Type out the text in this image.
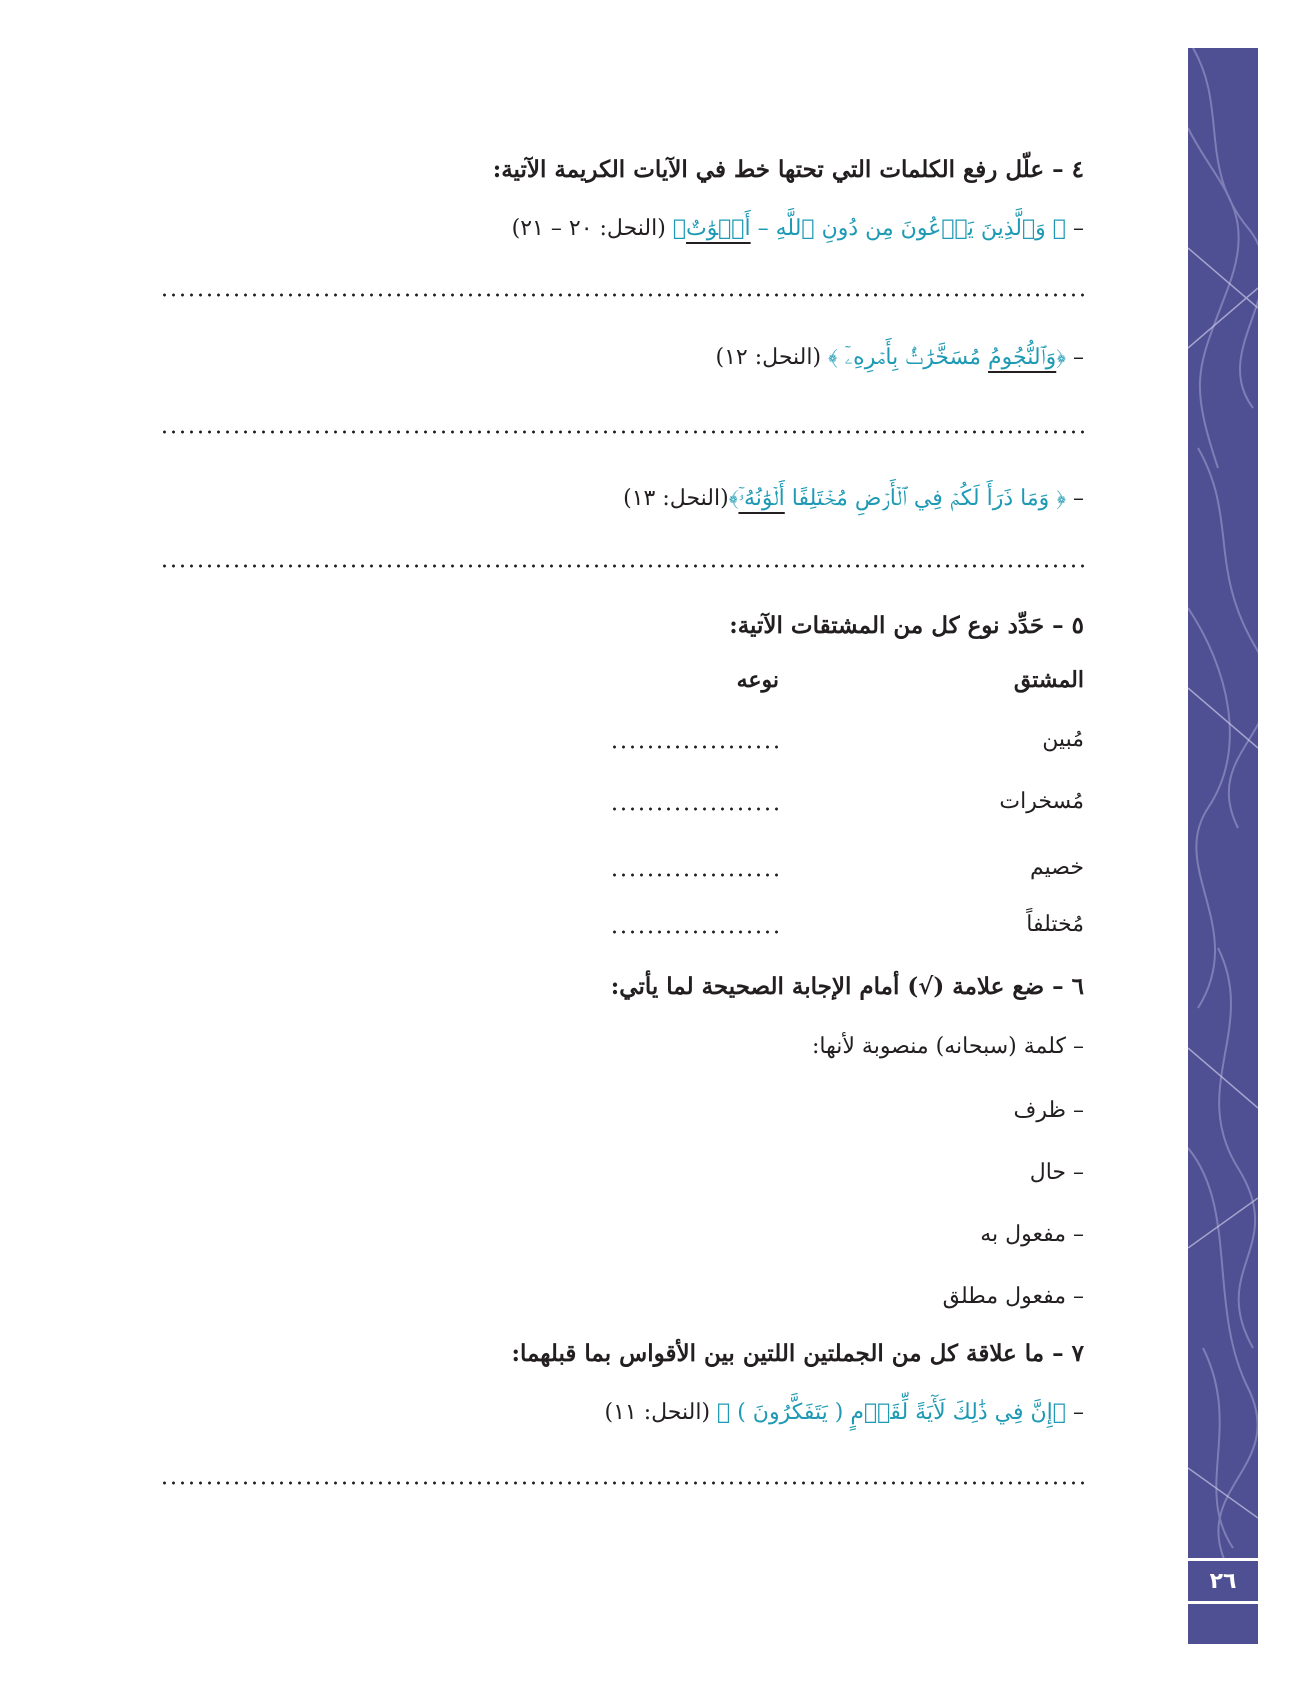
٢٦
٤ – علّل رفع الكلمات التي تحتها خط في الآيات الكريمة الآتية:
– ﴿ وَٱلَّذِينَ يَدۡعُونَ مِن دُونِ ٱللَّهِ – أَمۡوَٰتٌ﴾ (النحل: ٢٠ – ٢١)
– ﴿وَٱلنُّجُومُ مُسَخَّرَٰتُۢ بِأَمۡرِهِۦٓ ﴾ (النحل: ١٢)
– ﴿ وَمَا ذَرَأَ لَكُمۡ فِي ٱلۡأَرۡضِ مُخۡتَلِفًا أَلۡوَٰنُهُۥٓ﴾(النحل: ١٣)
٥ – حَدِّد نوع كل من المشتقات الآتية:
المشتق
نوعه
مُبين
مُسخرات
خصيم
مُختلفاً
٦ – ضع علامة (√) أمام الإجابة الصحيحة لما يأتي:
– كلمة (سبحانه) منصوبة لأنها:
– ظرف
– حال
– مفعول به
– مفعول مطلق
٧ – ما علاقة كل من الجملتين اللتين بين الأقواس بما قبلهما:
– ﴿إِنَّ فِي ذَٰلِكَ لَأٓيَةً لِّقَوۡمٍ ( يَتَفَكَّرُونَ ) ﴾ (النحل: ١١)
